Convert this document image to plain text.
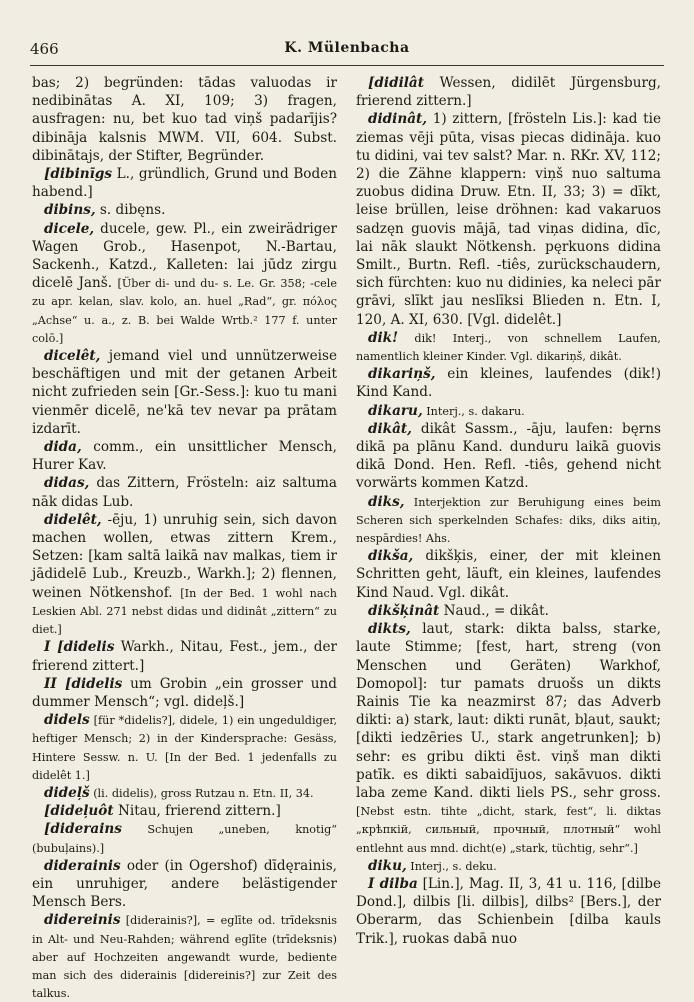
466	K. Mülenbacha

bas; 2) begründen: tādas valuodas ir nedibinātas A. XI, 109; 3) fragen, ausfragen: nu, bet kuo tad viņš padarījis? dibināja kalsnis MWM. VII, 604. Subst. dibinātajs, der Stifter, Begründer.

[dibinīgs L., gründlich, Grund und Boden habend.]

dibins, s. dibęns.

dicele, ducele, gew. Pl., ein zweirädriger Wagen Grob., Hasenpot, N.-Bartau, Sackenh., Katzd., Kalleten: lai jūdz zirgu dicelē Janš. [Über di- und du- s. Le. Gr. 358; -cele zu apr. kelan, slav. kolo, an. huel „Rad“, gr. πόλος „Achse“ u. a., z. B. bei Walde Wrtb.² 177 f. unter colō.]

dicelêt, jemand viel und unnützerweise beschäftigen und mit der getanen Arbeit nicht zufrieden sein [Gr.-Sess.]: kuo tu mani vienmēr dicelē, ne'kā tev nevar pa prātam izdarīt.

dida, comm., ein unsittlicher Mensch, Hurer Kav.

didas, das Zittern, Frösteln: aiz saltuma nāk didas Lub.

didelêt, -ēju, 1) unruhig sein, sich davon machen wollen, etwas zittern Krem., Setzen: [kam saltā laikā nav malkas, tiem ir jādidelē Lub., Kreuzb., Warkh.]; 2) flennen, weinen Nötkenshof. [In der Bed. 1 wohl nach Leskien Abl. 271 nebst didas und didinât „zittern“ zu diet.]

I [didelis Warkh., Nitau, Fest., jem., der frierend zittert.]

II [didelis um Grobin „ein grosser und dummer Mensch“; vgl. dideļš.]

didels [für *didelis?], didele, 1) ein ungeduldiger, heftiger Mensch; 2) in der Kindersprache: Gesäss, Hintere Sessw. n. U. [In der Bed. 1 jedenfalls zu didelêt 1.]

dideļš (li. didelis), gross Rutzau n. Etn. II, 34.

[dideļuôt Nitau, frierend zittern.]

[diderains Schujen „uneben, knotig“ (bubuļains).]

diderainis oder (in Ogershof) dīdęrainis, ein unruhiger, andere belästigender Mensch Bers.

didereinis [diderainis?], = eglīte od. trīdeksnis in Alt- und Neu-Rahden; während eglīte (trīdeksnis) aber auf Hochzeiten angewandt wurde, bediente man sich des diderainis [didereinis?] zur Zeit des talkus.

[didilât Wessen, didilēt Jürgensburg, frierend zittern.]

didinât, 1) zittern, [frösteln Lis.]: kad tie ziemas vēji pūta, visas piecas didināja. kuo tu didini, vai tev salst? Mar. n. RKr. XV, 112; 2) die Zähne klappern: viņš nuo saltuma zuobus didina Druw. Etn. II, 33; 3) = dīkt, leise brüllen, leise dröhnen: kad vakaruos sadzęn guovis mājā, tad viņas didina, dīc, lai nāk slaukt Nötkensh. pęrkuons didina Smilt., Burtn. Refl. -tiês, zurückschaudern, sich fürchten: kuo nu didinies, ka neleci pār grāvi, slīkt jau neslīksi Blieden n. Etn. I, 120, A. XI, 630. [Vgl. didelêt.]

dik! dik! Interj., von schnellem Laufen, namentlich kleiner Kinder. Vgl. dikariņš, dikât.

dikariņš, ein kleines, laufendes (dik!) Kind Kand.

dikaru, Interj., s. dakaru.

dikât, dikât Sassm., -āju, laufen: bęrns dikā pa plānu Kand. dunduru laikā guovis dikā Dond. Hen. Refl. -tiês, gehend nicht vorwärts kommen Katzd.

diks, Interjektion zur Beruhigung eines beim Scheren sich sperkelnden Schafes: diks, diks aitiņ, nespārdies! Ahs.

dikša, dikšķis, einer, der mit kleinen Schritten geht, läuft, ein kleines, laufendes Kind Naud. Vgl. dikât.

dikšķinât Naud., = dikât.

dikts, laut, stark: dikta balss, starke, laute Stimme; [fest, hart, streng (von Menschen und Geräten) Warkhof, Domopol]: tur pamats druošs un dikts Rainis Tie ka neazmirst 87; das Adverb dikti: a) stark, laut: dikti runāt, bļaut, saukt; [dikti iedzēries U., stark angetrunken]; b) sehr: es gribu dikti ēst. viņš man dikti patīk. es dikti sabaidījuos, sakāvuos. dikti laba zeme Kand. dikti liels PS., sehr gross. [Nebst estn. tihte „dicht, stark, fest“, li. diktas „крѣпкій, сильный, прочный, плотный“ wohl entlehnt aus mnd. dicht(e) „stark, tüchtig, sehr“.]

diku, Interj., s. deku.

I dilba [Lin.], Mag. II, 3, 41 u. 116, [dilbe Dond.], dilbis [li. dilbis], dilbs² [Bers.], der Oberarm, das Schienbein [dilba kauls Trik.], ruokas dabā nuo
